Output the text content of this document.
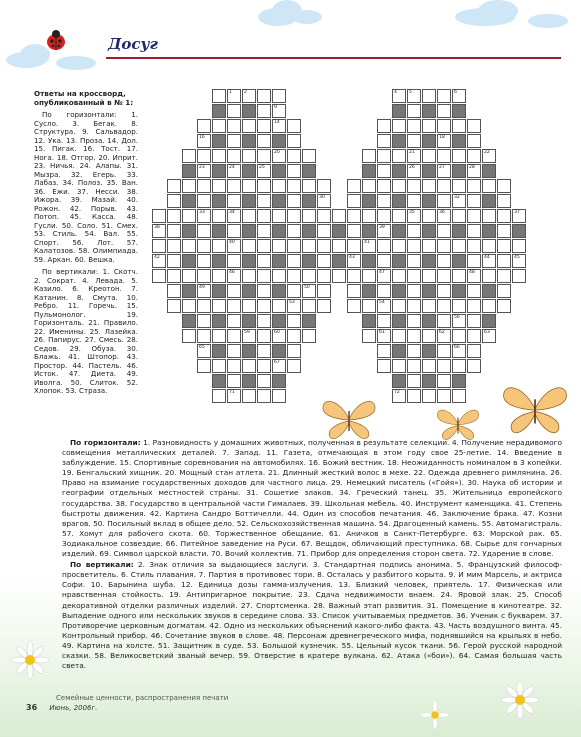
Досуг
Ответы на кроссворд, опубликованный в № 1:

По горизонтали: 1. Сусло. 3. Бегак. 8. Структура. 9. Сальвадор. 12. Ука. 13. Проза. 14. Дол. 15. Пигак. 16. Тост. 17. Нога. 18. Отгор. 20. Иприт. 23. Ничья. 24. Алапы. 31. Мызрa. 32. Егерь. 33. Лабаз. 34. Полоз. 35. Ван. 36. Ежи. 37. Несси. 38. Ижора. 39. Мазай. 40. Рожон. 42. Порыв. 43. Потоп. 45. Касса. 48. Гусли. 50. Соло. 51. Смех. 53. Стиль. 54. Вал. 55. Спорт. 56. Лот. 57. Калатозов. 58. Олимпиада. 59. Аркан. 60. Вешка.

По вертикали: 1. Скотч. 2. Сократ. 4. Левада. 5. Казило. 6. Креотон. 7. Катанин. 8. Смута. 10. Ребро. 11. Горечь. 15. Пульмонолог. 19. Горизонталь. 21. Правило. 22. Именины. 25. Лазейка. 26. Папирус. 27. Смесь. 28. Седов. 29. Обуза. 30. Блажь. 41. Штопор. 43. Простор. 44. Пастель. 46. Исток. 47. Диета. 49. Иволга. 50. Слиток. 52. Хлопок. 53. Страза.

1	2	4	5	6
9
14
16	18
20	21	22
23	24	25	26	27	28
30	32
33	34	35	36	37
38	39
40	41
42	43	44	45
46	47	48
49	50
53	54
56
59	60	61	62	63
65	66
67
71	72

По горизонтали: 1. Разновидность у домашних животных, полученная в результате селекции. 4. Получение нерадивомого совмещения металлических деталей. 7. Запад. 11. Газета, отмечающая в этом году свое 25-летие. 14. Введение в заблуждение. 15. Спортивные соревнования на автомобилях. 16. Божий вестник. 18. Неожиданность номиналом в 3 копейки. 19. Бенгальский хищник. 20. Мощный стан атлета. 21. Длинный жесткий волос в мехе. 22. Одежда древнего римлянина. 26. Право на взимание государственных доходов для частного лица. 29. Немецкий писатель («Гойя»). 30. Наука об истории и географии отдельных местностей страны. 31. Сошетие злаков. 34. Греческий танец. 35. Жительница европейского государства. 38. Государство в центральной части Гималаев. 39. Школьная мебель. 40. Инструмент каменщика. 41. Степень быстроты движения. 42. Картина Сандро Боттичелли. 44. Один из способов печатания. 46. Заключение брака. 47. Козни врагов. 50. Посильный вклад в общее дело. 52. Сельскохозяйственная машина. 54. Драгоценный камень. 55. Автомагистраль. 57. Хомут для рабочего скота. 60. Торжественное обещание. 61. Аничков в Санкт-Петербурге. 63. Морской рак. 65. Зодиакальное созвездие. 66. Питейное заведение на Руси. 67. Вещдок, обличающий преступника. 68. Сырье для гончарных изделий. 69. Символ царской власти. 70. Вочий коллектив. 71. Прибор для определения сторон света. 72. Ударение в слове.

По вертикали: 2. Знак отличия за выдающиеся заслуги. 3. Стандартная подпись анонима. 5. Французский философ-просветитель. 6. Стиль плавания. 7. Партия в противовес тори. 8. Осталась у разбитого корыта. 9. И мим Марсель, и актриса Софи. 10. Барынина шуба. 12. Единица дозы гамма-излучения. 13. Близкий человек, приятель. 17. Физическая или нравственная стойкость. 19. Антипригарное покрытие. 23. Сдача недвижимости внаем. 24. Яровой злак. 25. Способ декоративной отделки различных изделий. 27. Спортсменка. 28. Важный этап развития. 31. Помещение в кинотеатре. 32. Выпадение одного или нескольких звуков в середине слова. 33. Список учитываемых предметов. 36. Ученик с букварем. 37. Противоречие церковным догматам. 42. Одно из нескольких объяснений какого-либо факта. 43. Часть воздушного винта. 45. Контрольный прибор. 46. Сочетание звуков в слове. 48. Персонаж древнегреческого мифа, поднявшийся на крыльях в небо. 49. Картина на холсте. 51. Защитник в суде. 53. Большой кузнечик. 55. Цельный кусок ткани. 56. Герой русской народной сказки. 58. Великосветский званый вечер. 59. Отверстие в кратере вулкана. 62. Атака («бои»). 64. Самая большая часть света.

Семейные ценности, распространения печати
36 Июнь, 2006г.
